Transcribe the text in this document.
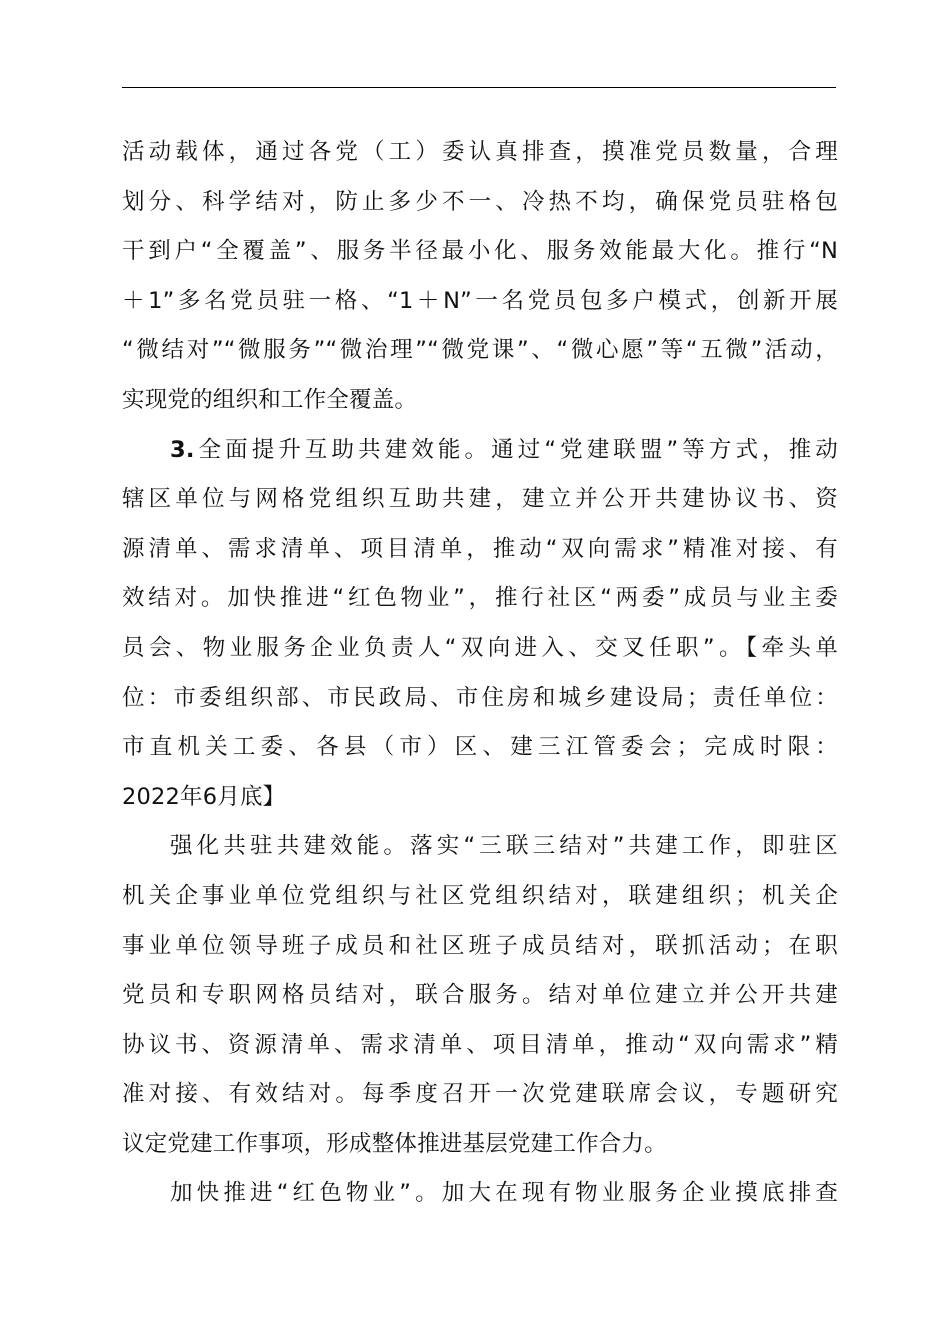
活动载体，通过各党（工）委认真排查，摸准党员数量，合理
划分、科学结对，防止多少不一、冷热不均，确保党员驻格包
干到户“全覆盖”、服务半径最小化、服务效能最大化。推行“N
＋1”多名党员驻一格、“1＋N”一名党员包多户模式，创新开展
“微结对”“微服务”“微治理”“微党课”、“微心愿”等“五微”活动，
实现党的组织和工作全覆盖。
3.全面提升互助共建效能。通过“党建联盟”等方式，推动
辖区单位与网格党组织互助共建，建立并公开共建协议书、资
源清单、需求清单、项目清单，推动“双向需求”精准对接、有
效结对。加快推进“红色物业”，推行社区“两委”成员与业主委
员会、物业服务企业负责人“双向进入、交叉任职”。【牵头单
位：市委组织部、市民政局、市住房和城乡建设局；责任单位：
市直机关工委、各县（市）区、建三江管委会；完成时限：
2022年6月底】
强化共驻共建效能。落实“三联三结对”共建工作，即驻区
机关企事业单位党组织与社区党组织结对，联建组织；机关企
事业单位领导班子成员和社区班子成员结对，联抓活动；在职
党员和专职网格员结对，联合服务。结对单位建立并公开共建
协议书、资源清单、需求清单、项目清单，推动“双向需求”精
准对接、有效结对。每季度召开一次党建联席会议，专题研究
议定党建工作事项，形成整体推进基层党建工作合力。
加快推进“红色物业”。加大在现有物业服务企业摸底排查
